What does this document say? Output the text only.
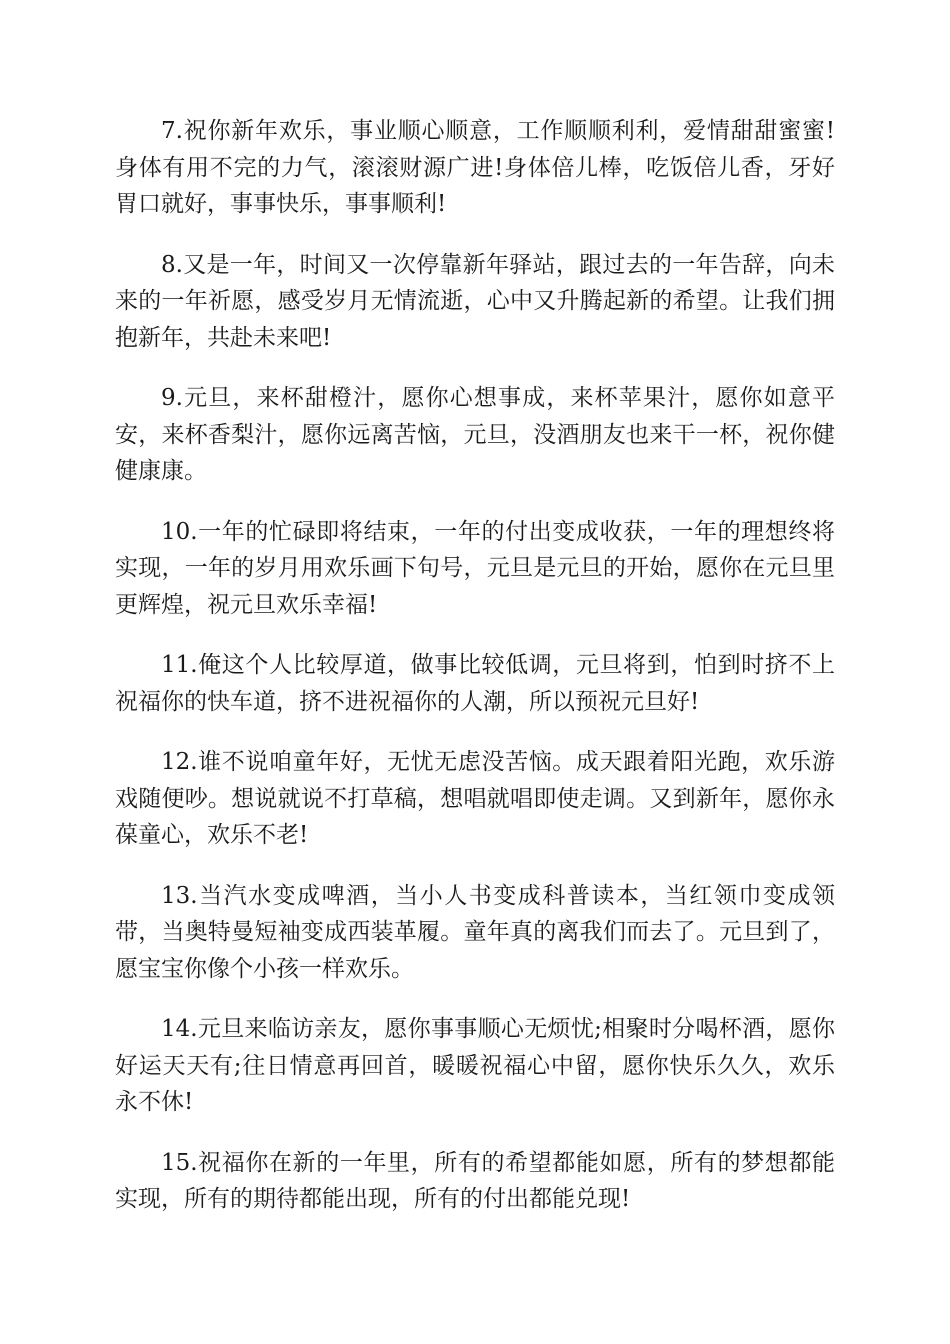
7.祝你新年欢乐，事业顺心顺意，工作顺顺利利，爱情甜甜蜜蜜!身体有用不完的力气，滚滚财源广进!身体倍儿棒，吃饭倍儿香，牙好胃口就好，事事快乐，事事顺利!

8.又是一年，时间又一次停靠新年驿站，跟过去的一年告辞，向未来的一年祈愿，感受岁月无情流逝，心中又升腾起新的希望。让我们拥抱新年，共赴未来吧!

9.元旦，来杯甜橙汁，愿你心想事成，来杯苹果汁，愿你如意平安，来杯香梨汁，愿你远离苦恼，元旦，没酒朋友也来干一杯，祝你健健康康。

10.一年的忙碌即将结束，一年的付出变成收获，一年的理想终将实现，一年的岁月用欢乐画下句号，元旦是元旦的开始，愿你在元旦里更辉煌，祝元旦欢乐幸福!

11.俺这个人比较厚道，做事比较低调，元旦将到，怕到时挤不上祝福你的快车道，挤不进祝福你的人潮，所以预祝元旦好!

12.谁不说咱童年好，无忧无虑没苦恼。成天跟着阳光跑，欢乐游戏随便吵。想说就说不打草稿，想唱就唱即使走调。又到新年，愿你永葆童心，欢乐不老!

13.当汽水变成啤酒，当小人书变成科普读本，当红领巾变成领带，当奥特曼短袖变成西装革履。童年真的离我们而去了。元旦到了，愿宝宝你像个小孩一样欢乐。

14.元旦来临访亲友，愿你事事顺心无烦忧;相聚时分喝杯酒，愿你好运天天有;往日情意再回首，暖暖祝福心中留，愿你快乐久久，欢乐永不休!

15.祝福你在新的一年里，所有的希望都能如愿，所有的梦想都能实现，所有的期待都能出现，所有的付出都能兑现!
